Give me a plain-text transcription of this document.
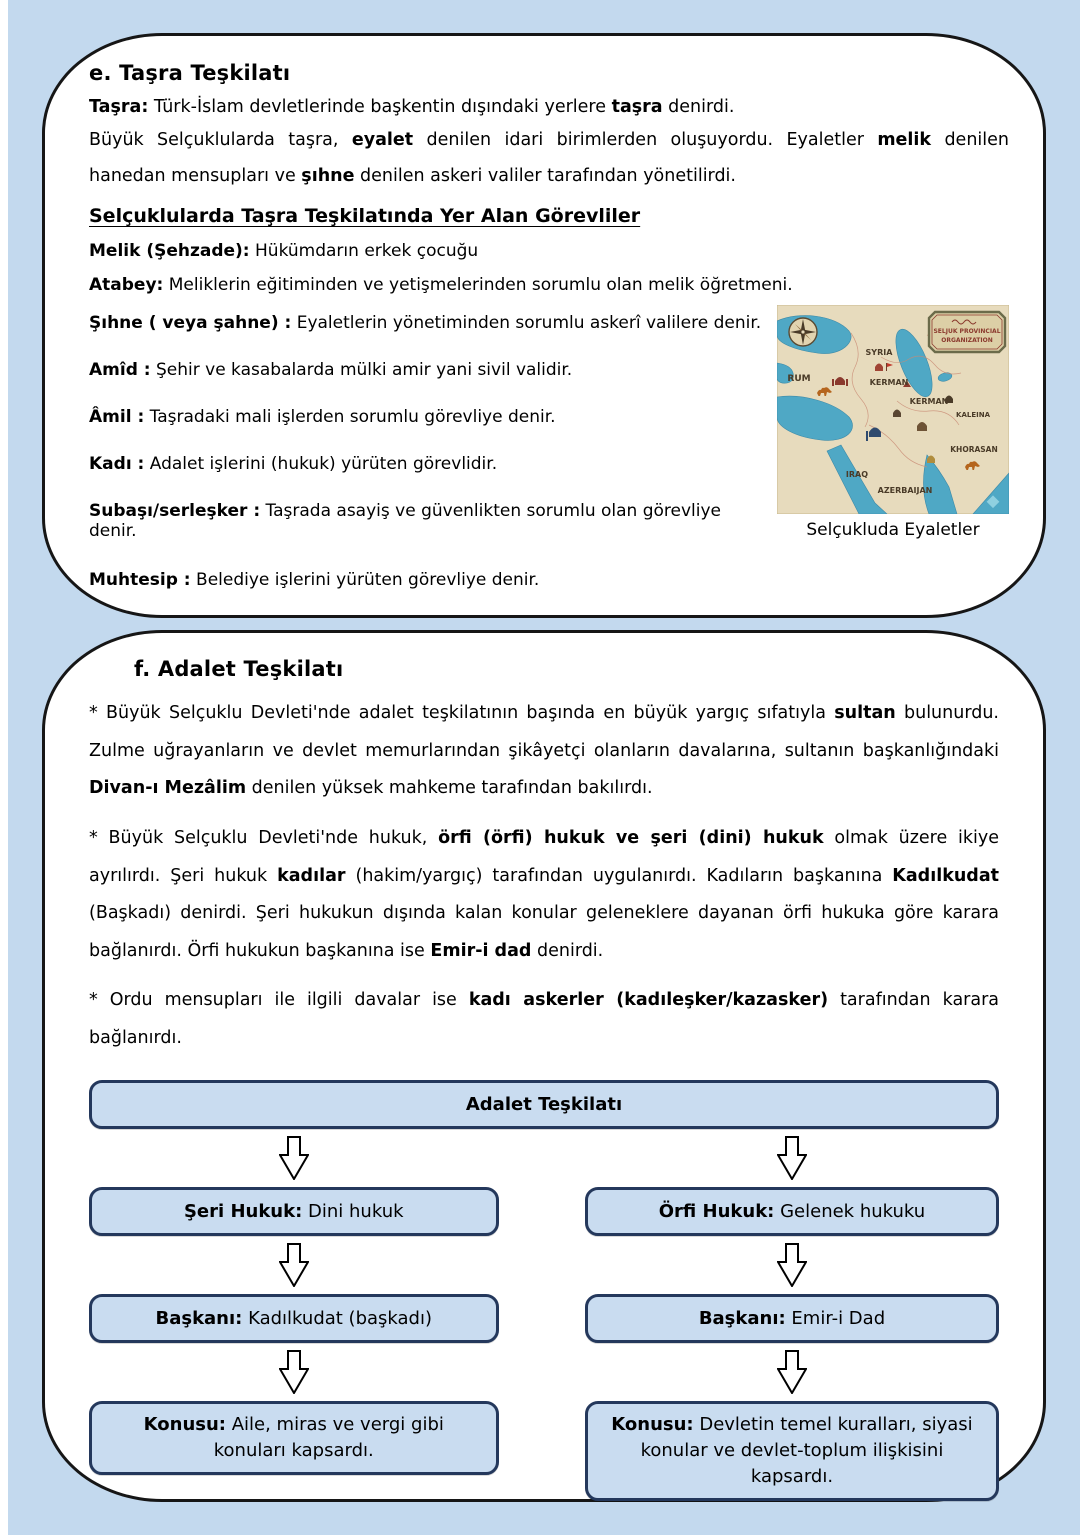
e. Taşra Teşkilatı
Taşra: Türk-İslam devletlerinde başkentin dışındaki yerlere taşra denirdi.
Büyük Selçuklularda taşra, eyalet denilen idari birimlerden oluşuyordu. Eyaletler melik denilen hanedan mensupları ve şıhne denilen askeri valiler tarafından yönetilirdi.
Selçuklularda Taşra Teşkilatında Yer Alan Görevliler
Melik (Şehzade): Hükümdarın erkek çocuğu
Atabey: Meliklerin eğitiminden ve yetişmelerinden sorumlu olan melik öğretmeni.
Şıhne ( veya şahne) : Eyaletlerin yönetiminden sorumlu askerî valilere denir.
Amîd : Şehir ve kasabalarda mülki amir yani sivil validir.
Âmil : Taşradaki mali işlerden sorumlu görevliye denir.
Kadı : Adalet işlerini (hukuk) yürüten görevlidir.
Subaşı/serleşker : Taşrada asayiş ve güvenlikten sorumlu olan görevliye denir.
SELJUK PROVINCIAL
ORGANIZATION
SYRIA
RUM	KERMAN
KERMAN
KALEINA
KHORASAN
IRAQ
AZERBAIJAN
Selçukluda Eyaletler
Muhtesip : Belediye işlerini yürüten görevliye denir.
f. Adalet Teşkilatı
* Büyük Selçuklu Devleti'nde adalet teşkilatının başında en büyük yargıç sıfatıyla sultan bulunurdu. Zulme uğrayanların ve devlet memurlarından şikâyetçi olanların davalarına, sultanın başkanlığındaki Divan-ı Mezâlim denilen yüksek mahkeme tarafından bakılırdı.
* Büyük Selçuklu Devleti'nde hukuk, örfi (örfi) hukuk ve şeri (dini) hukuk olmak üzere ikiye ayrılırdı. Şeri hukuk kadılar (hakim/yargıç) tarafından uygulanırdı. Kadıların başkanına Kadılkudat (Başkadı) denirdi. Şeri hukukun dışında kalan konular geleneklere dayanan örfi hukuka göre karara bağlanırdı. Örfi hukukun başkanına ise Emir-i dad denirdi.
* Ordu mensupları ile ilgili davalar ise kadı askerler (kadıleşker/kazasker) tarafından karara bağlanırdı.
Adalet Teşkilatı
Şeri Hukuk: Dini hukuk	Örfi Hukuk: Gelenek hukuku
Başkanı: Kadılkudat (başkadı)	Başkanı: Emir-i Dad
Konusu: Aile, miras ve vergi gibi konuları kapsardı.
Konusu: Devletin temel kuralları, siyasi konular ve devlet-toplum ilişkisini kapsardı.
